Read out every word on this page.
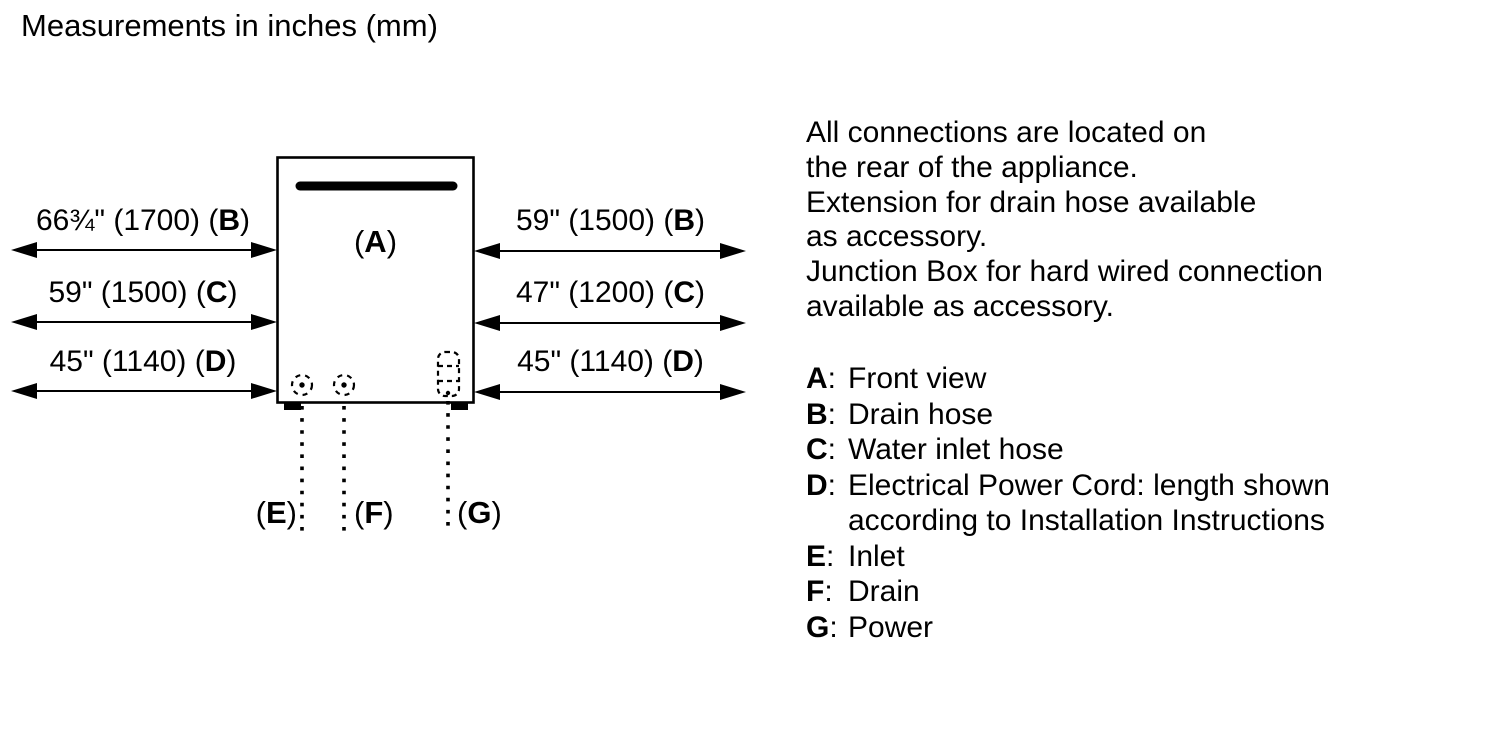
Measurements in inches (mm)
(A)
66¾" (1700) (B)
59" (1500) (C)
45" (1140) (D)
59" (1500) (B)
47" (1200) (C)
45" (1140) (D)
(E) (F)	(G)
All connections are located on
the rear of the appliance.
Extension for drain hose available
as accessory.
Junction Box for hard wired connection
available as accessory.
A: Front view
B: Drain hose
C: Water inlet hose
D: Electrical Power Cord: length shown
according to Installation Instructions
E: Inlet
F: Drain
G: Power
